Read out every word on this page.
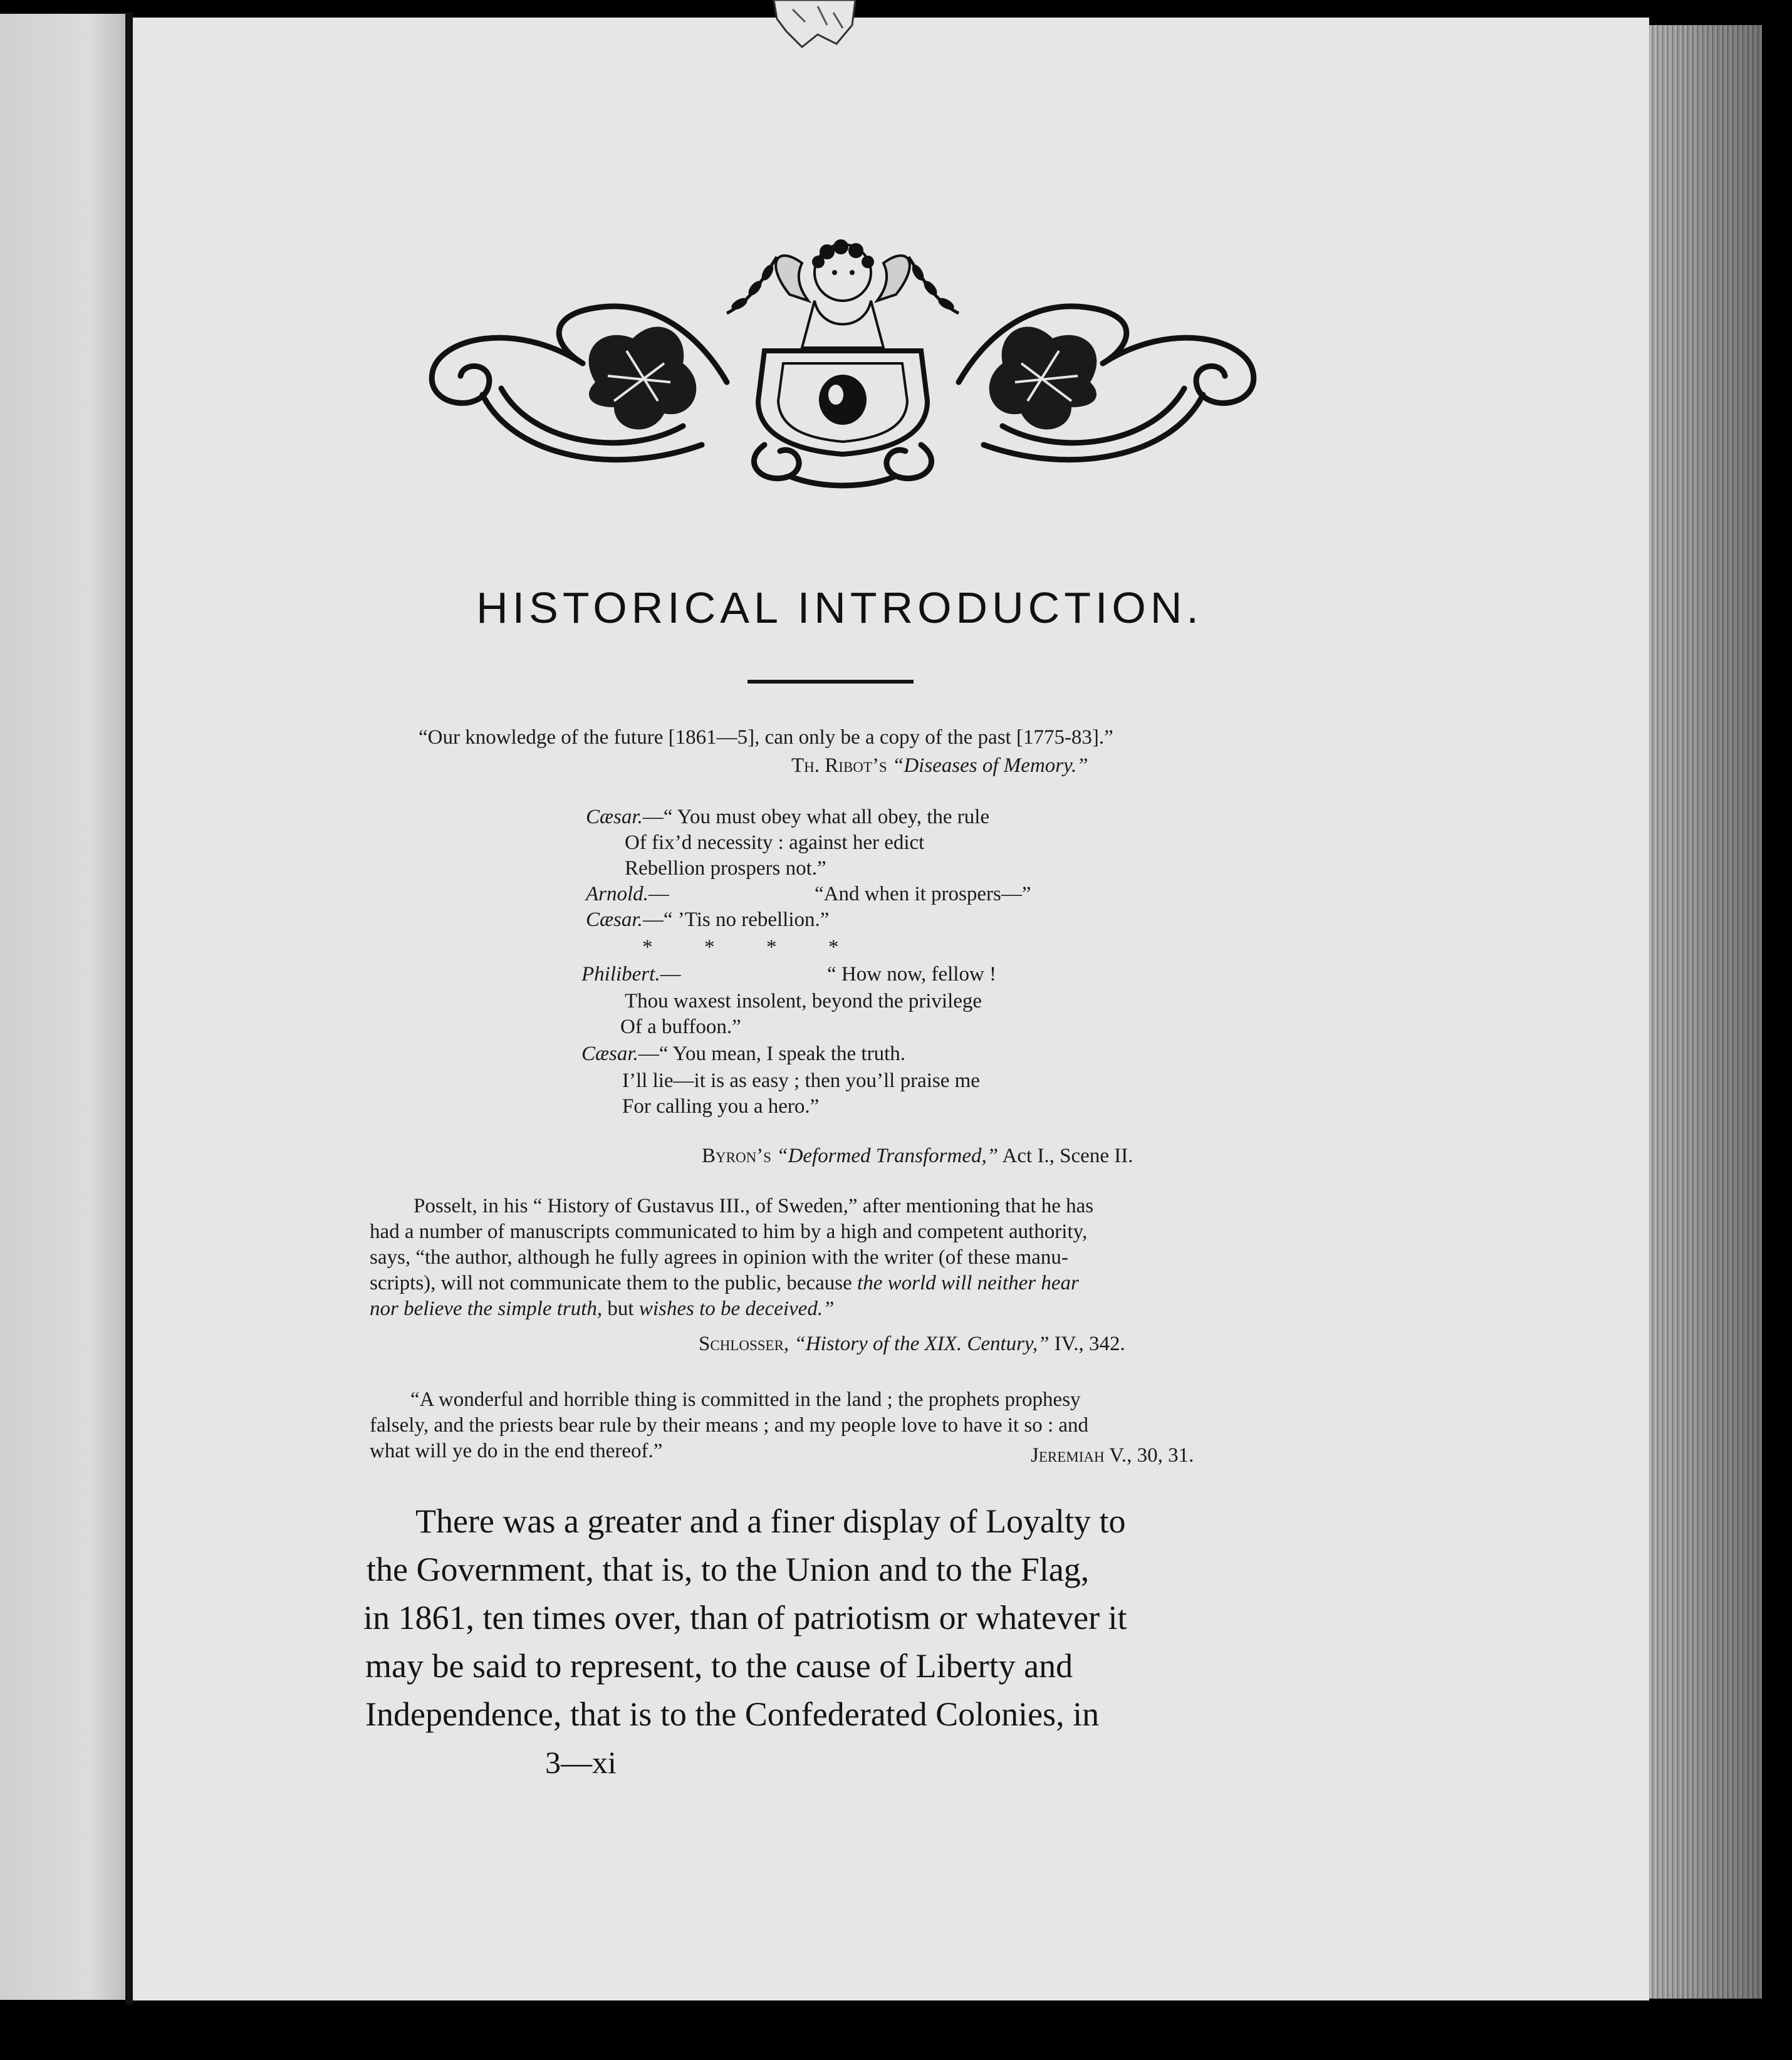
HISTORICAL INTRODUCTION.
“Our knowledge of the future [1861—5], can only be a copy of the past [1775-83].”
Th. Ribot’s “Diseases of Memory.”
Cæsar.—“ You must obey what all obey, the rule
Of fix’d necessity : against her edict
Rebellion prospers not.”
Arnold.—	“And when it prospers—”
Cæsar.—“ ’Tis no rebellion.”
*          *          *          *
Philibert.—	“ How now, fellow !
Thou waxest insolent, beyond the privilege
Of a buffoon.”
Cæsar.—“ You mean, I speak the truth.
I’ll lie—it is as easy ; then you’ll praise me
For calling you a hero.”
Byron’s “Deformed Transformed,” Act I., Scene II.
Posselt, in his “ History of Gustavus III., of Sweden,” after mentioning that he has
had a number of manuscripts communicated to him by a high and competent authority,
says, “the author, although he fully agrees in opinion with the writer (of these manu-
scripts), will not communicate them to the public, because the world will neither hear
nor believe the simple truth, but wishes to be deceived.”
Schlosser, “History of the XIX. Century,” IV., 342.
“A wonderful and horrible thing is committed in the land ; the prophets prophesy
falsely, and the priests bear rule by their means ; and my people love to have it so : and
what will ye do in the end thereof.”	Jeremiah V., 30, 31.
There was a greater and a finer display of Loyalty to
the Government, that is, to the Union and to the Flag,
in 1861, ten times over, than of patriotism or whatever it
may be said to represent, to the cause of Liberty and
Independence, that is to the Confederated Colonies, in
3—xi
